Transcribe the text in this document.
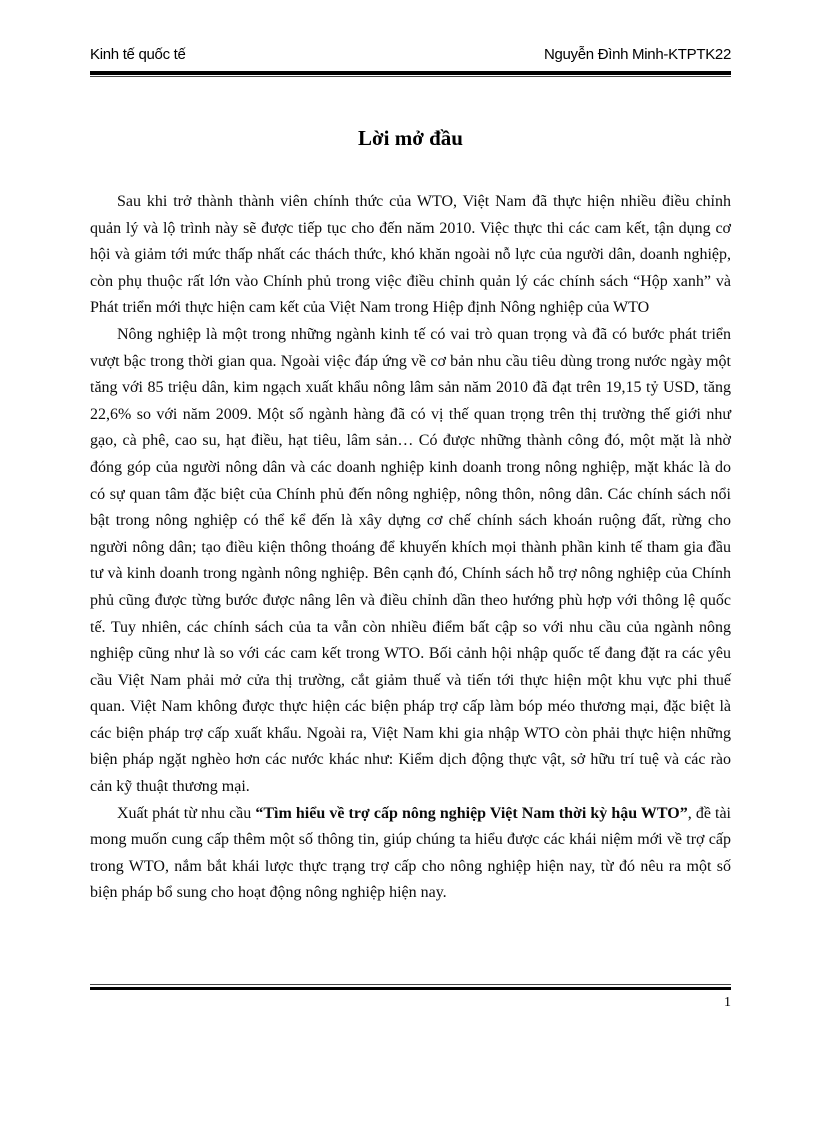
Kinh tế quốc tế	Nguyễn Đình Minh-KTPTK22
Lời mở đầu

Sau khi trở thành thành viên chính thức của WTO, Việt Nam đã thực hiện nhiều điều chỉnh quản lý và lộ trình này sẽ được tiếp tục cho đến năm 2010. Việc thực thi các cam kết, tận dụng cơ hội và giảm tới mức thấp nhất các thách thức, khó khăn ngoài nỗ lực của người dân, doanh nghiệp, còn phụ thuộc rất lớn vào Chính phủ trong việc điều chỉnh quản lý các chính sách “Hộp xanh” và Phát triển mới thực hiện cam kết của Việt Nam trong Hiệp định Nông nghiệp của WTO

Nông nghiệp là một trong những ngành kinh tế có vai trò quan trọng và đã có bước phát triển vượt bậc trong thời gian qua. Ngoài việc đáp ứng về cơ bản nhu cầu tiêu dùng trong nước ngày một tăng với 85 triệu dân, kim ngạch xuất khẩu nông lâm sản năm 2010 đã đạt trên 19,15 tỷ USD, tăng 22,6% so với năm 2009. Một số ngành hàng đã có vị thế quan trọng trên thị trường thế giới như gạo, cà phê, cao su, hạt điều, hạt tiêu, lâm sản… Có được những thành công đó, một mặt là nhờ đóng góp của người nông dân và các doanh nghiệp kinh doanh trong nông nghiệp, mặt khác là do có sự quan tâm đặc biệt của Chính phủ đến nông nghiệp, nông thôn, nông dân. Các chính sách nổi bật trong nông nghiệp có thể kể đến là xây dựng cơ chế chính sách khoán ruộng đất, rừng cho người nông dân; tạo điều kiện thông thoáng để khuyến khích mọi thành phần kinh tế tham gia đầu tư và kinh doanh trong ngành nông nghiệp. Bên cạnh đó, Chính sách hỗ trợ nông nghiệp của Chính phủ cũng được từng bước được nâng lên và điều chỉnh dần theo hướng phù hợp với thông lệ quốc tế. Tuy nhiên, các chính sách của ta vẫn còn nhiều điểm bất cập so với nhu cầu của ngành nông nghiệp cũng như là so với các cam kết trong WTO. Bối cảnh hội nhập quốc tế đang đặt ra các yêu cầu Việt Nam phải mở cửa thị trường, cắt giảm thuế và tiến tới thực hiện một khu vực phi thuế quan. Việt Nam không được thực hiện các biện pháp trợ cấp làm bóp méo thương mại, đặc biệt là các biện pháp trợ cấp xuất khẩu. Ngoài ra, Việt Nam khi gia nhập WTO còn phải thực hiện những biện pháp ngặt nghèo hơn các nước khác như: Kiểm dịch động thực vật, sở hữu trí tuệ và các rào cản kỹ thuật thương mại.

Xuất phát từ nhu cầu “Tìm hiểu về trợ cấp nông nghiệp Việt Nam thời kỳ hậu WTO”, đề tài mong muốn cung cấp thêm một số thông tin, giúp chúng ta hiểu được các khái niệm mới về trợ cấp trong WTO, nắm bắt khái lược thực trạng trợ cấp cho nông nghiệp hiện nay, từ đó nêu ra một số biện pháp bổ sung cho hoạt động nông nghiệp hiện nay.

1
